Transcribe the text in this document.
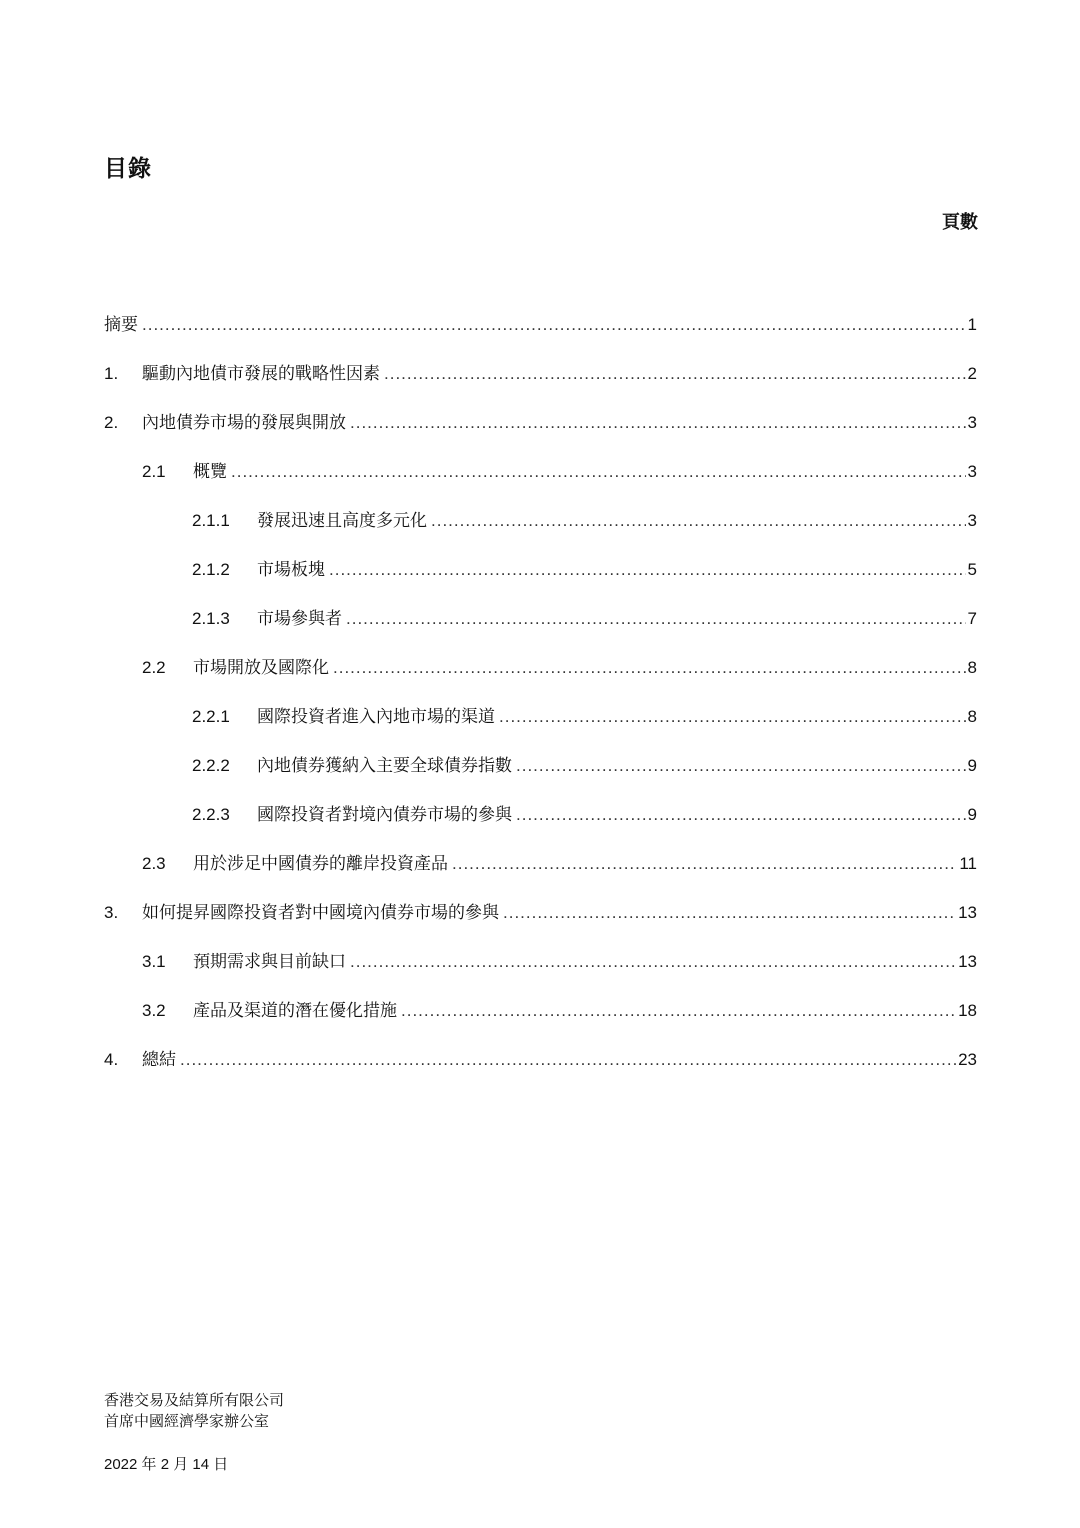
目錄
頁數
摘要 .....	1
1.	驅動內地債市發展的戰略性因素 .....	2
2.	內地債券市場的發展與開放 .....	3
2.1	概覽 .....	3
2.1.1	發展迅速且高度多元化 .....	3
2.1.2	市場板塊 .....	5
2.1.3	市場參與者 .....	7
2.2	市場開放及國際化 .....	8
2.2.1	國際投資者進入內地市場的渠道 .....	8
2.2.2	內地債券獲納入主要全球債券指數 .....	9
2.2.3	國際投資者對境內債券市場的參與 .....	9
2.3	用於涉足中國債券的離岸投資產品 .....	11
3.	如何提昇國際投資者對中國境內債券市場的參與 .....	13
3.1	預期需求與目前缺口 .....	13
3.2	產品及渠道的潛在優化措施 .....	18
4.	總結 .....	23
香港交易及結算所有限公司
首席中國經濟學家辦公室
2022 年 2 月 14 日
